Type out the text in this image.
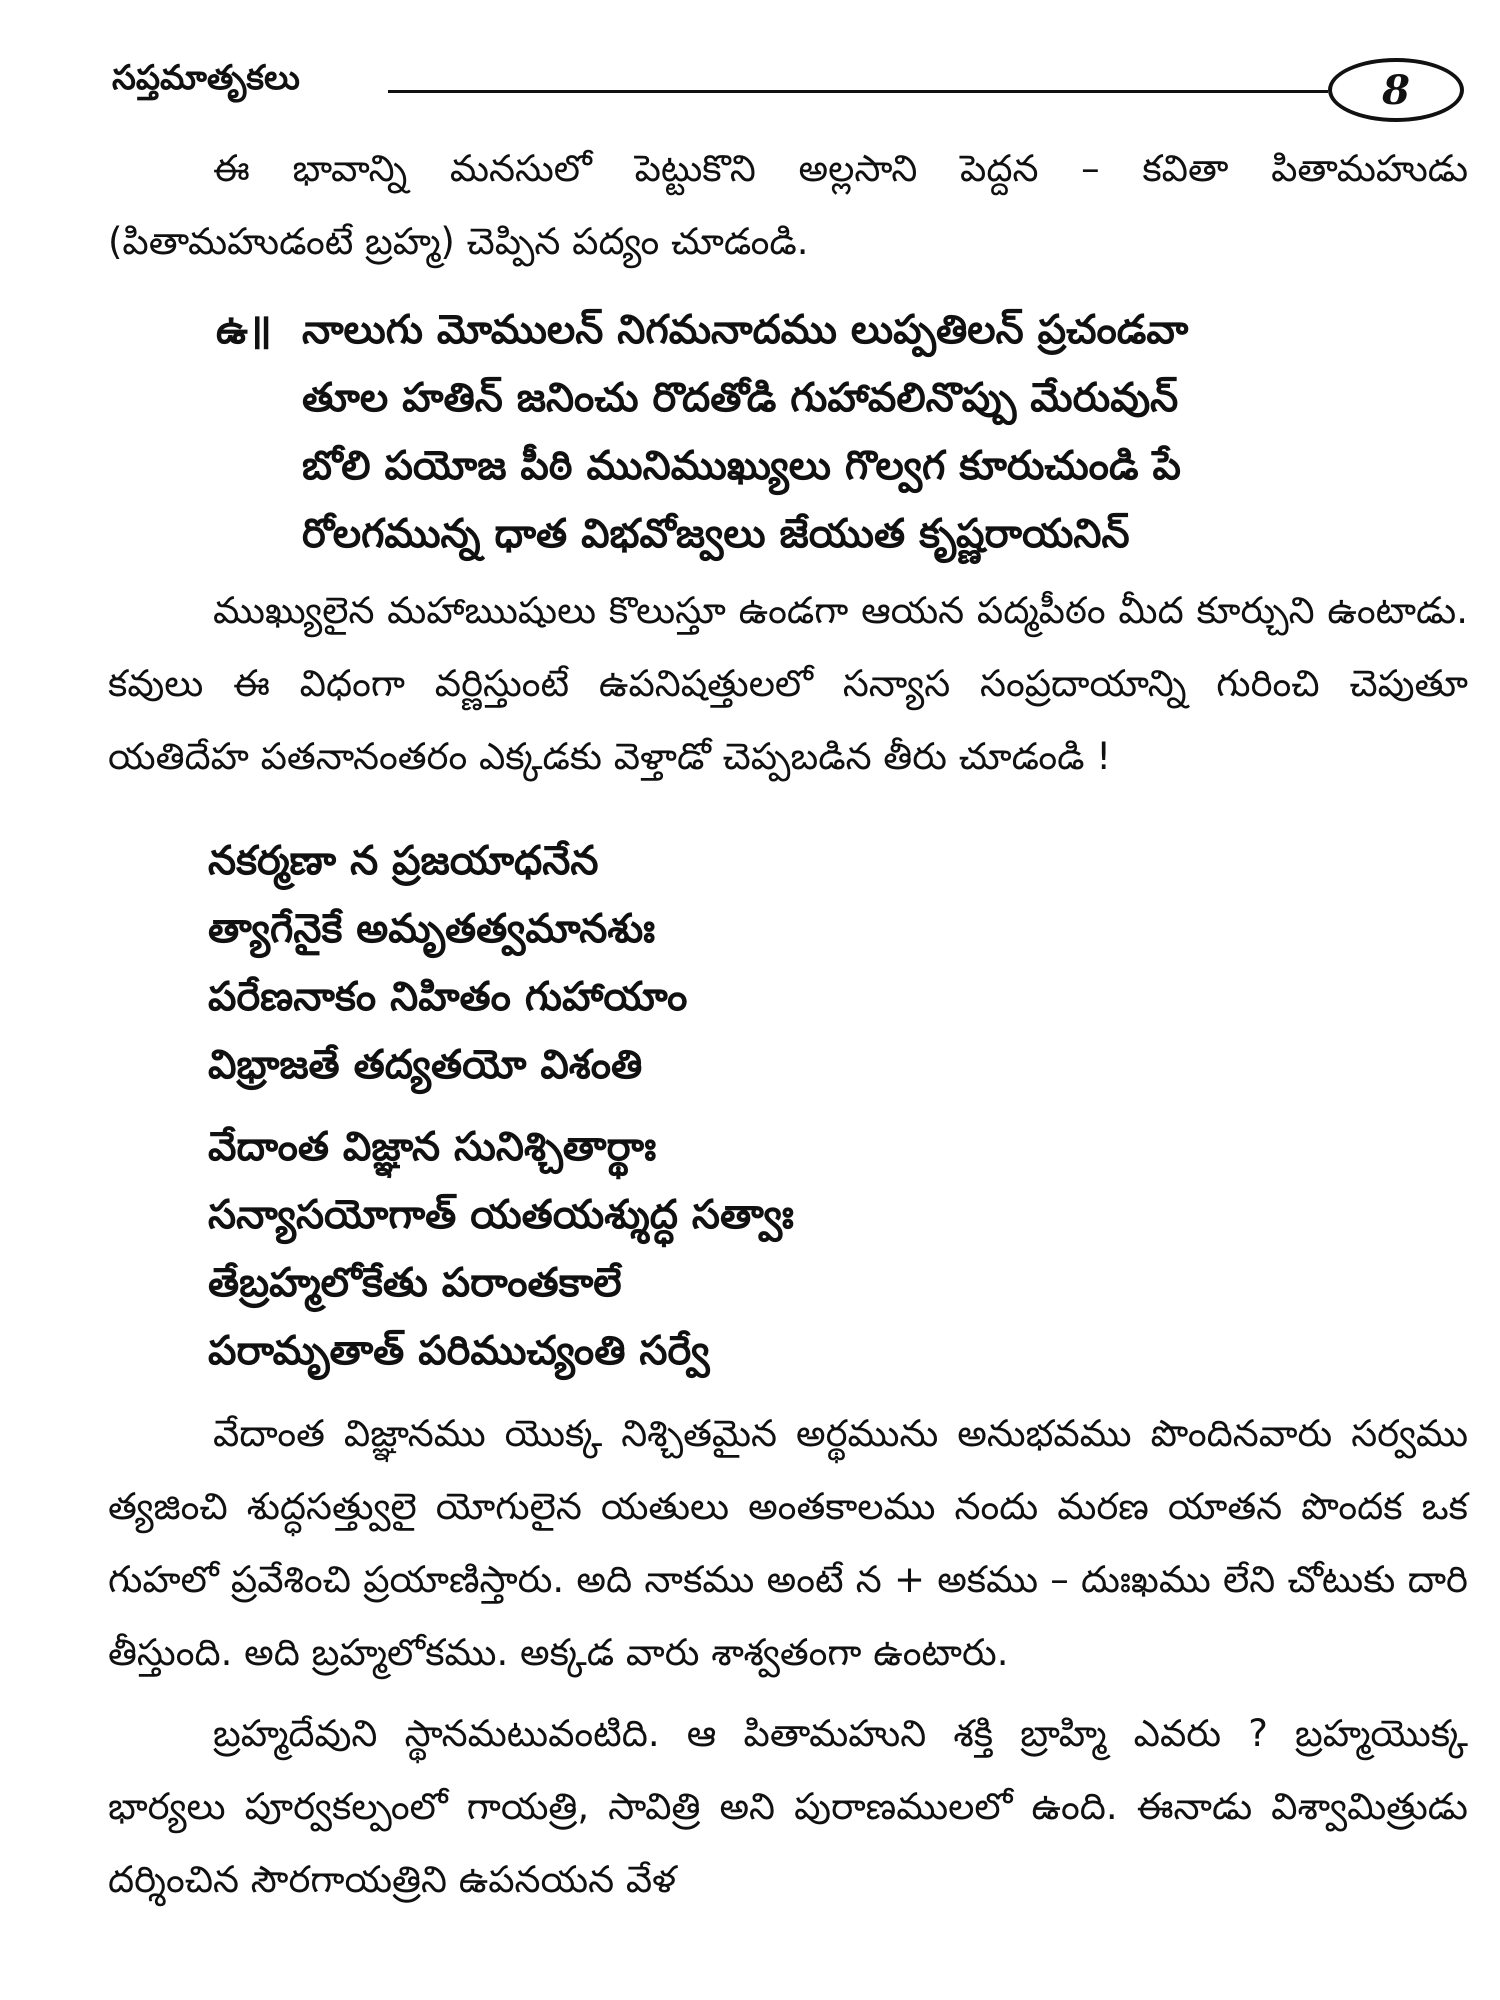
సప్తమాతృకలు	8

ఈ భావాన్ని మనసులో పెట్టుకొని అల్లసాని పెద్దన – కవితా పితామహుడు (పితామహుడంటే బ్రహ్మ) చెప్పిన పద్యం చూడండి.

ఉ॥ నాలుగు మోములన్ నిగమనాదము లుప్పతిలన్ ప్రచండవా
తూల హతిన్ జనించు రొదతోడి గుహావలినొప్పు మేరువున్
బోలి పయోజ పీఠి మునిముఖ్యులు గొల్వగ కూరుచుండి పే
రోలగమున్న ధాత విభవోజ్వలు జేయుత కృష్ణరాయనిన్

ముఖ్యులైన మహాఋషులు కొలుస్తూ ఉండగా ఆయన పద్మపీఠం మీద కూర్చుని ఉంటాడు. కవులు ఈ విధంగా వర్ణిస్తుంటే ఉపనిషత్తులలో సన్యాస సంప్రదాయాన్ని గురించి చెపుతూ యతిదేహ పతనానంతరం ఎక్కడకు వెళ్తాడో చెప్పబడిన తీరు చూడండి !

నకర్మణా న ప్రజయాధనేన
త్యాగేనైకే అమృతత్వమానశుః
పరేణనాకం నిహితం గుహాయాం
విభ్రాజతే తద్యతయో విశంతి
వేదాంత విజ్ఞాన సునిశ్చితార్థాః
సన్యాసయోగాత్ యతయశ్శుద్ధ సత్వాః
తేబ్రహ్మలోకేతు పరాంతకాలే
పరామృతాత్ పరిముచ్యంతి సర్వే

వేదాంత విజ్ఞానము యొక్క నిశ్చితమైన అర్థమును అనుభవము పొందినవారు సర్వము త్యజించి శుద్ధసత్త్వులై యోగులైన యతులు అంతకాలము నందు మరణ యాతన పొందక ఒక గుహలో ప్రవేశించి ప్రయాణిస్తారు. అది నాకము అంటే న + అకము – దుఃఖము లేని చోటుకు దారి తీస్తుంది. అది బ్రహ్మలోకము. అక్కడ వారు శాశ్వతంగా ఉంటారు.

బ్రహ్మదేవుని స్థానమటువంటిది. ఆ పితామహుని శక్తి బ్రాహ్మి ఎవరు ? బ్రహ్మయొక్క భార్యలు పూర్వకల్పంలో గాయత్రి, సావిత్రి అని పురాణములలో ఉంది. ఈనాడు విశ్వామిత్రుడు దర్శించిన సౌరగాయత్రిని ఉపనయన వేళ
